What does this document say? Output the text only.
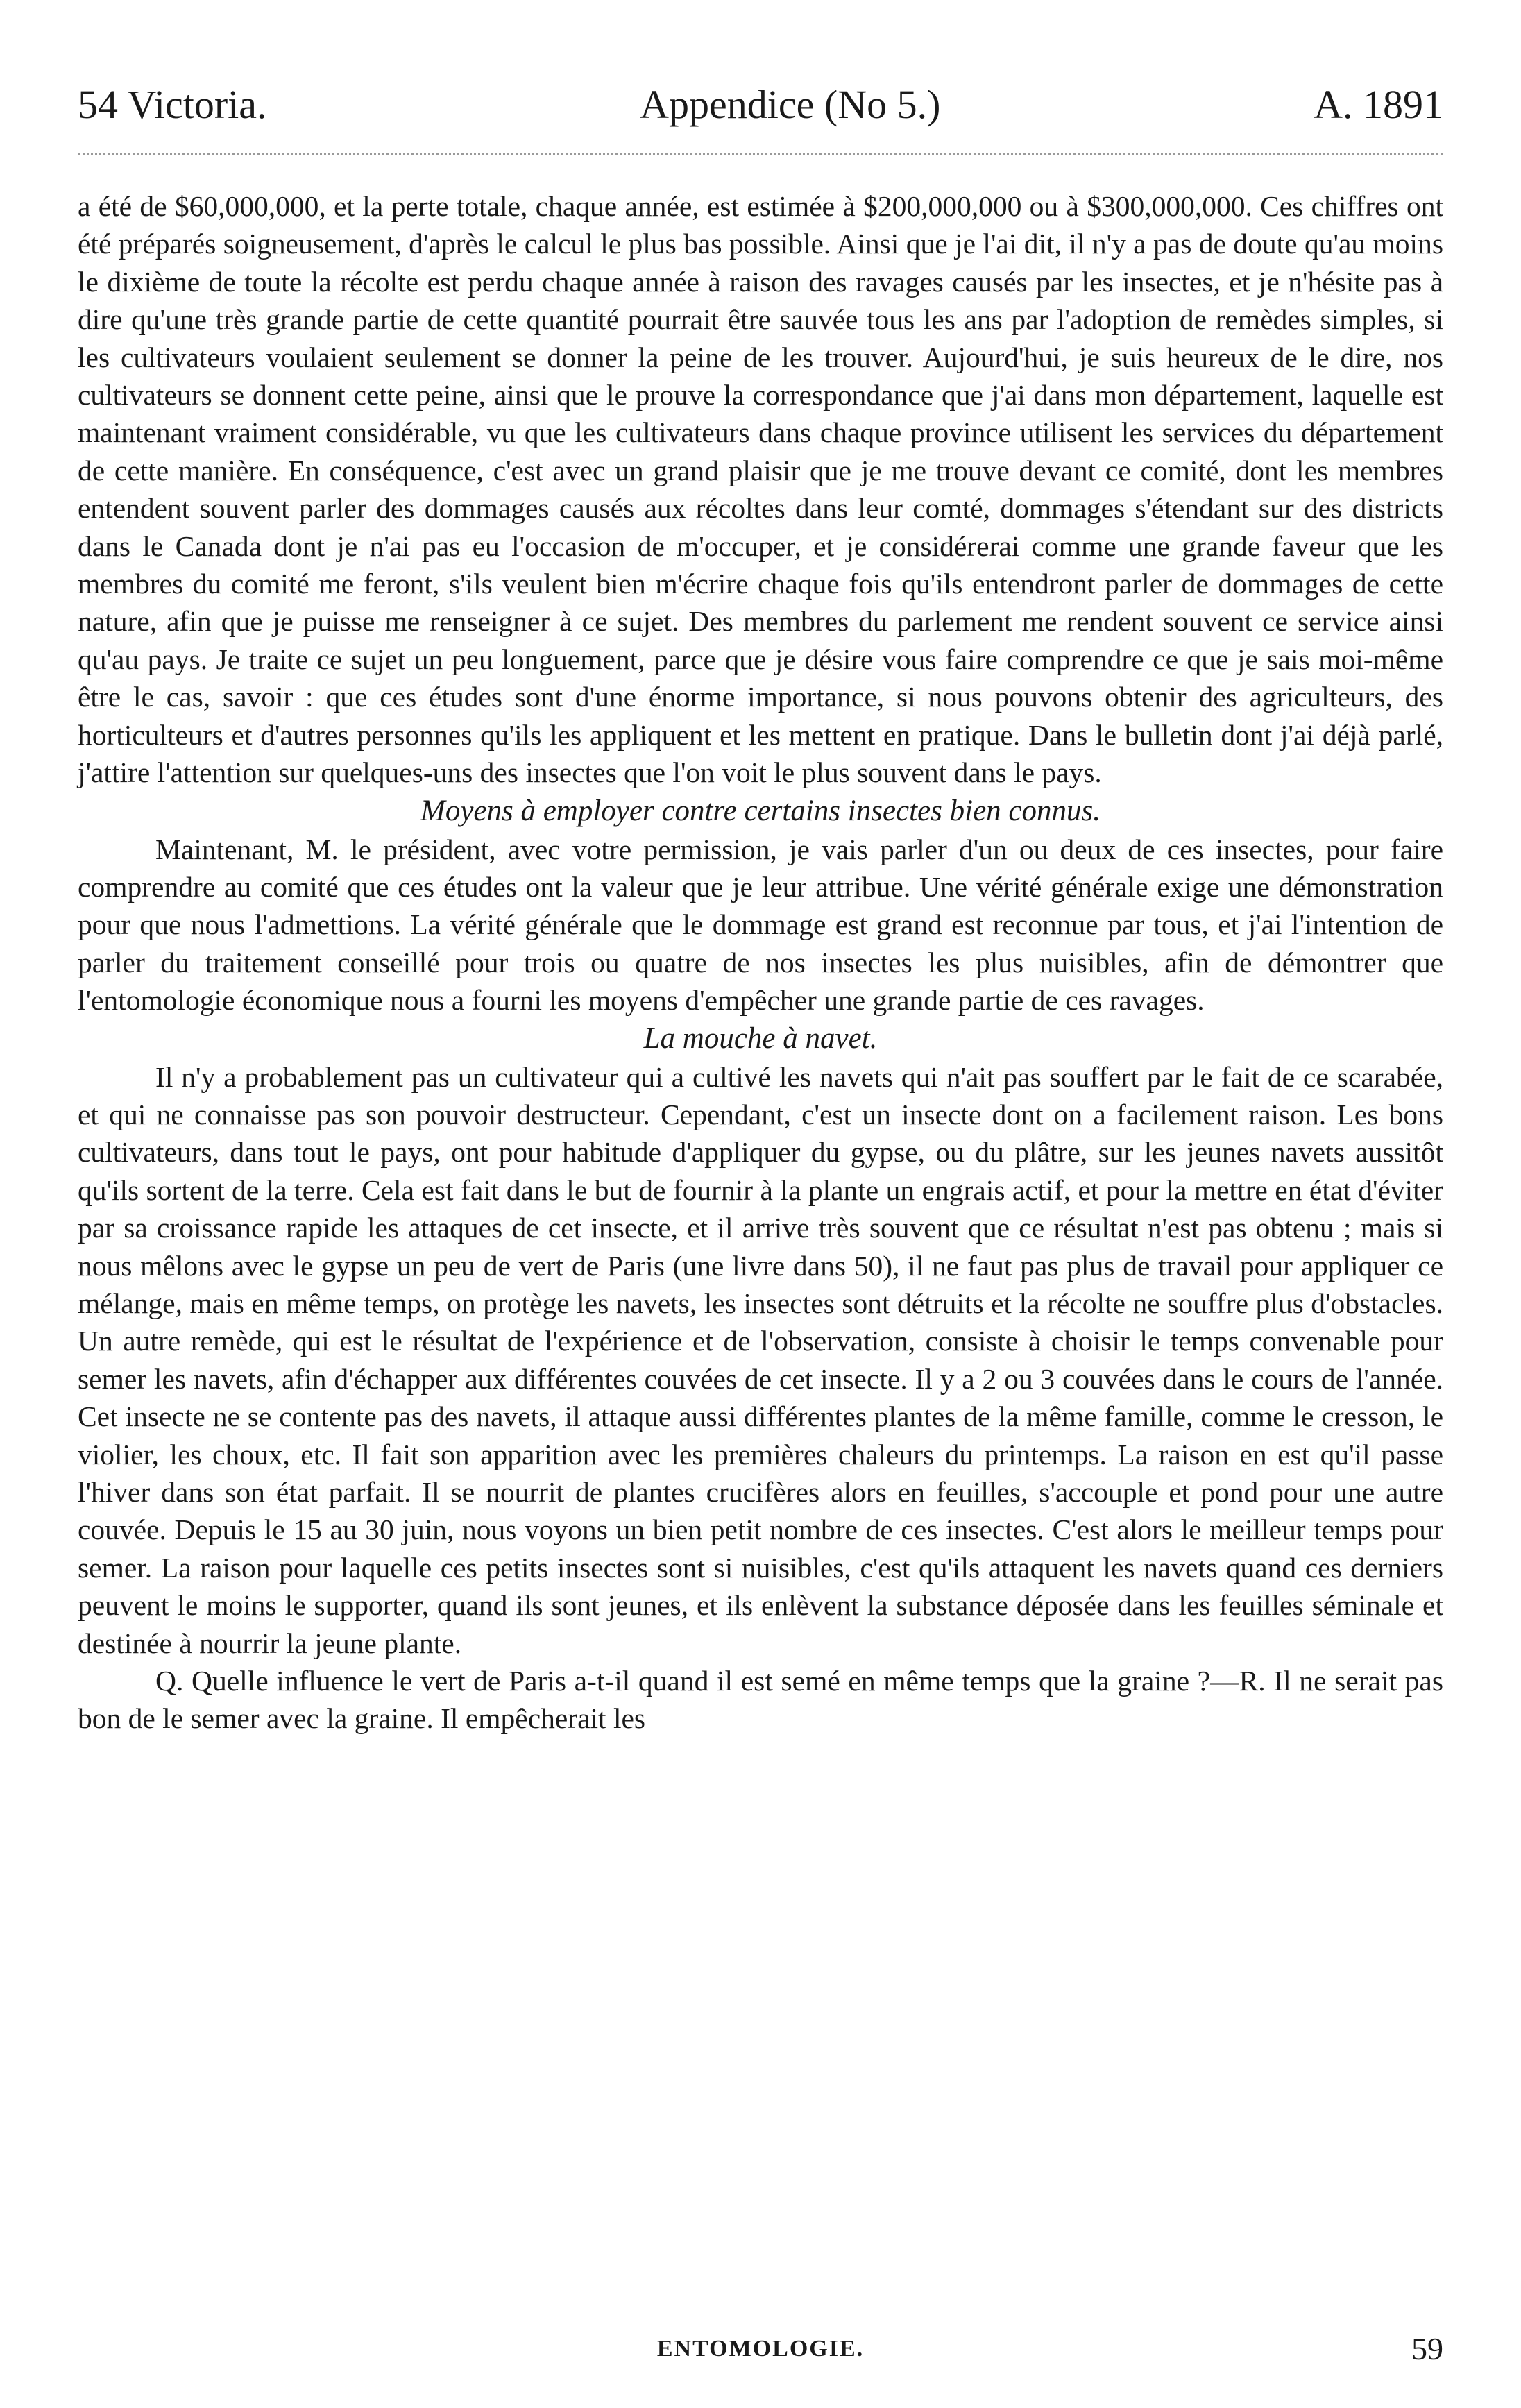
54 Victoria.	Appendice (No 5.)	A. 1891

a été de $60,000,000, et la perte totale, chaque année, est estimée à $200,000,000 ou à $300,000,000. Ces chiffres ont été préparés soigneusement, d'après le calcul le plus bas possible. Ainsi que je l'ai dit, il n'y a pas de doute qu'au moins le dixième de toute la récolte est perdu chaque année à raison des ravages causés par les insectes, et je n'hésite pas à dire qu'une très grande partie de cette quantité pourrait être sauvée tous les ans par l'adoption de remèdes simples, si les cultivateurs voulaient seulement se donner la peine de les trouver. Aujourd'hui, je suis heureux de le dire, nos cultivateurs se donnent cette peine, ainsi que le prouve la correspondance que j'ai dans mon département, laquelle est maintenant vraiment considérable, vu que les cultivateurs dans chaque province utilisent les services du département de cette manière. En conséquence, c'est avec un grand plaisir que je me trouve devant ce comité, dont les membres entendent souvent parler des dommages causés aux récoltes dans leur comté, dommages s'étendant sur des districts dans le Canada dont je n'ai pas eu l'occasion de m'occuper, et je considérerai comme une grande faveur que les membres du comité me feront, s'ils veulent bien m'écrire chaque fois qu'ils entendront parler de dommages de cette nature, afin que je puisse me renseigner à ce sujet. Des membres du parlement me rendent souvent ce service ainsi qu'au pays. Je traite ce sujet un peu longuement, parce que je désire vous faire comprendre ce que je sais moi-même être le cas, savoir : que ces études sont d'une énorme importance, si nous pouvons obtenir des agriculteurs, des horticulteurs et d'autres personnes qu'ils les appliquent et les mettent en pratique. Dans le bulletin dont j'ai déjà parlé, j'attire l'attention sur quelques-uns des insectes que l'on voit le plus souvent dans le pays.

Moyens à employer contre certains insectes bien connus.

Maintenant, M. le président, avec votre permission, je vais parler d'un ou deux de ces insectes, pour faire comprendre au comité que ces études ont la valeur que je leur attribue. Une vérité générale exige une démonstration pour que nous l'admettions. La vérité générale que le dommage est grand est reconnue par tous, et j'ai l'intention de parler du traitement conseillé pour trois ou quatre de nos insectes les plus nuisibles, afin de démontrer que l'entomologie économique nous a fourni les moyens d'empêcher une grande partie de ces ravages.

La mouche à navet.

Il n'y a probablement pas un cultivateur qui a cultivé les navets qui n'ait pas souffert par le fait de ce scarabée, et qui ne connaisse pas son pouvoir destructeur. Cependant, c'est un insecte dont on a facilement raison. Les bons cultivateurs, dans tout le pays, ont pour habitude d'appliquer du gypse, ou du plâtre, sur les jeunes navets aussitôt qu'ils sortent de la terre. Cela est fait dans le but de fournir à la plante un engrais actif, et pour la mettre en état d'éviter par sa croissance rapide les attaques de cet insecte, et il arrive très souvent que ce résultat n'est pas obtenu ; mais si nous mêlons avec le gypse un peu de vert de Paris (une livre dans 50), il ne faut pas plus de travail pour appliquer ce mélange, mais en même temps, on protège les navets, les insectes sont détruits et la récolte ne souffre plus d'obstacles. Un autre remède, qui est le résultat de l'expérience et de l'observation, consiste à choisir le temps convenable pour semer les navets, afin d'échapper aux différentes couvées de cet insecte. Il y a 2 ou 3 couvées dans le cours de l'année. Cet insecte ne se contente pas des navets, il attaque aussi différentes plantes de la même famille, comme le cresson, le violier, les choux, etc. Il fait son apparition avec les premières chaleurs du printemps. La raison en est qu'il passe l'hiver dans son état parfait. Il se nourrit de plantes crucifères alors en feuilles, s'accouple et pond pour une autre couvée. Depuis le 15 au 30 juin, nous voyons un bien petit nombre de ces insectes. C'est alors le meilleur temps pour semer. La raison pour laquelle ces petits insectes sont si nuisibles, c'est qu'ils attaquent les navets quand ces derniers peuvent le moins le supporter, quand ils sont jeunes, et ils enlèvent la substance déposée dans les feuilles séminale et destinée à nourrir la jeune plante.

Q. Quelle influence le vert de Paris a-t-il quand il est semé en même temps que la graine ?—R. Il ne serait pas bon de le semer avec la graine. Il empêcherait les

ENTOMOLOGIE.	59
